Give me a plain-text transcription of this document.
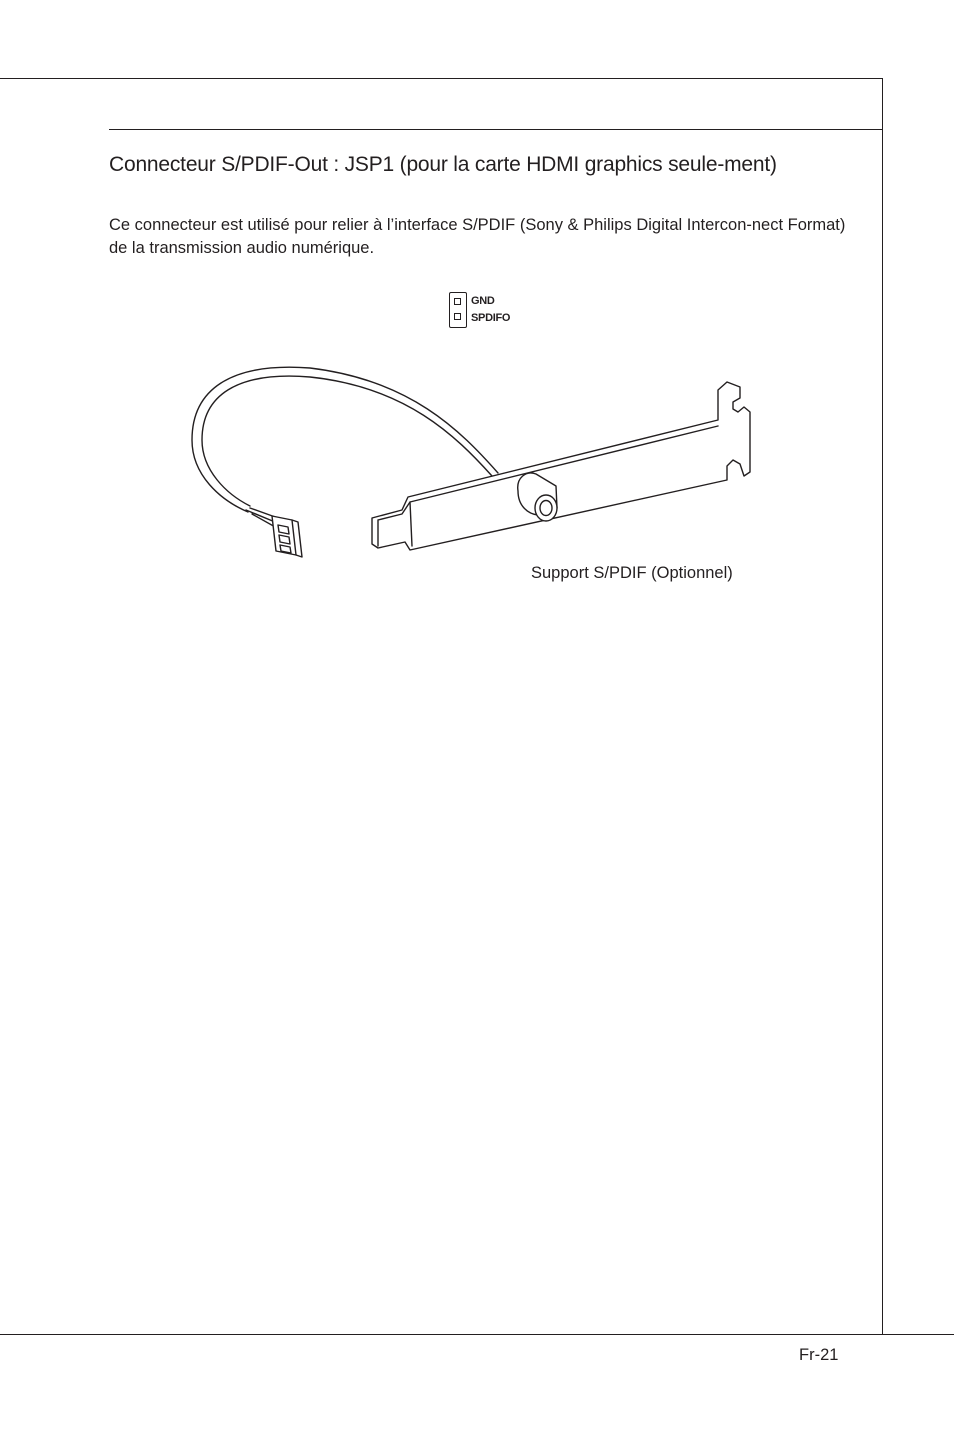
Connecteur S/PDIF-Out : JSP1 (pour la carte HDMI graphics seule-ment)
Ce connecteur est utilisé pour relier à l’interface S/PDIF (Sony & Philips Digital Intercon-nect Format) de la transmission audio numérique.
GND
SPDIFO
Support S/PDIF (Optionnel)
Fr-21
